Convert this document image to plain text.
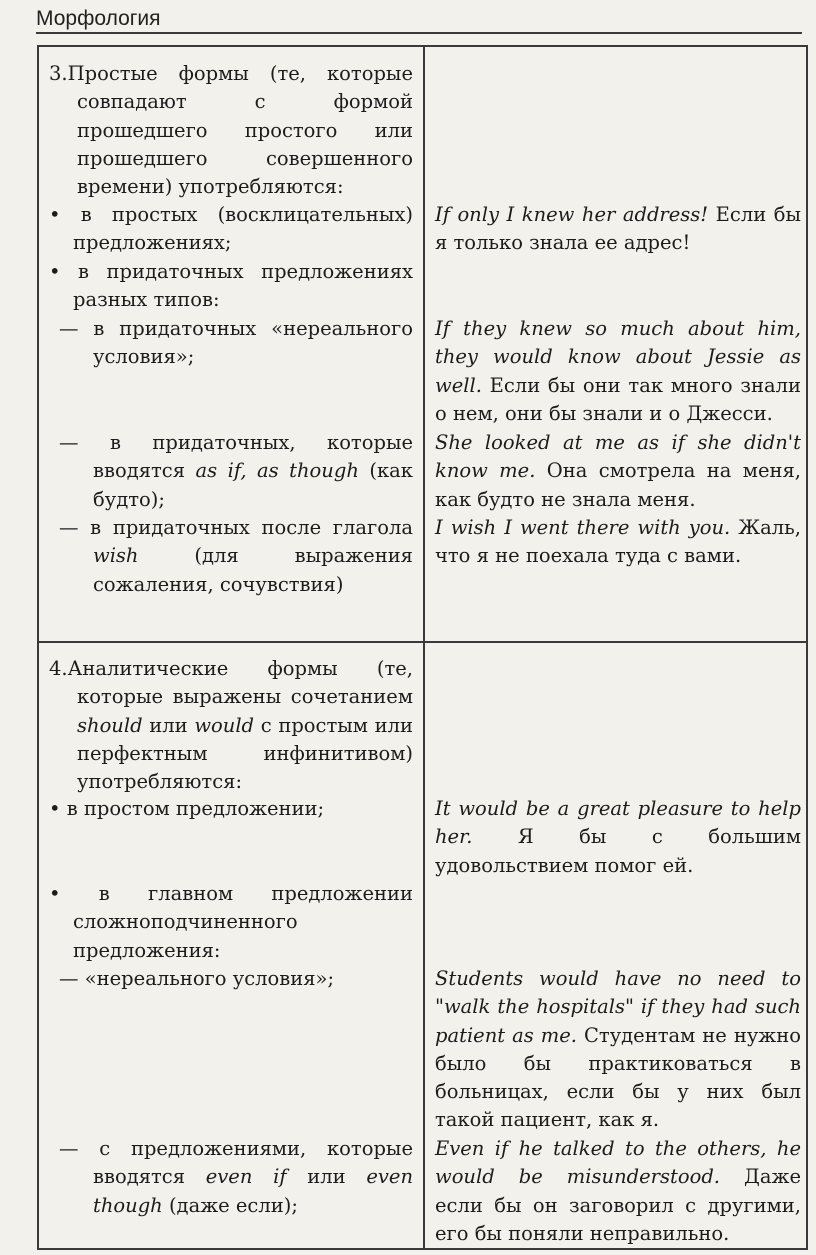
Морфология
3.Простые формы (те, которые совпадают с формой прошедшего простого или прошедшего совершенного времени) употребляются:
• в простых (восклицательных) предложениях;
• в придаточных предложениях разных типов:
— в придаточных «нереального условия»;
— в придаточных, которые вводятся as if, as though (как будто);
— в придаточных после глагола wish (для выражения сожаления, сочувствия)
If only I knew her address! Если бы я только знала ее адрес!
If they knew so much about him, they would know about Jessie as well. Если бы они так много знали о нем, они бы знали и о Джесси.
She looked at me as if she didn't know me. Она смотрела на меня, как будто не знала меня.
I wish I went there with you. Жаль, что я не поехала туда с вами.
4.Аналитические формы (те, которые выражены сочетанием should или would с простым или перфектным инфинитивом) употребляются:
• в простом предложении;
• в главном предложении сложноподчиненного предложения:
— «нереального условия»;
— с предложениями, которые вводятся even if или even though (даже если);
It would be a great pleasure to help her. Я бы с большим удовольствием помог ей.
Students would have no need to "walk the hospitals" if they had such patient as me. Студентам не нужно было бы практиковаться в больницах, если бы у них был такой пациент, как я.
Even if he talked to the others, he would be misunderstood. Даже если бы он заговорил с другими, его бы поняли неправильно.
